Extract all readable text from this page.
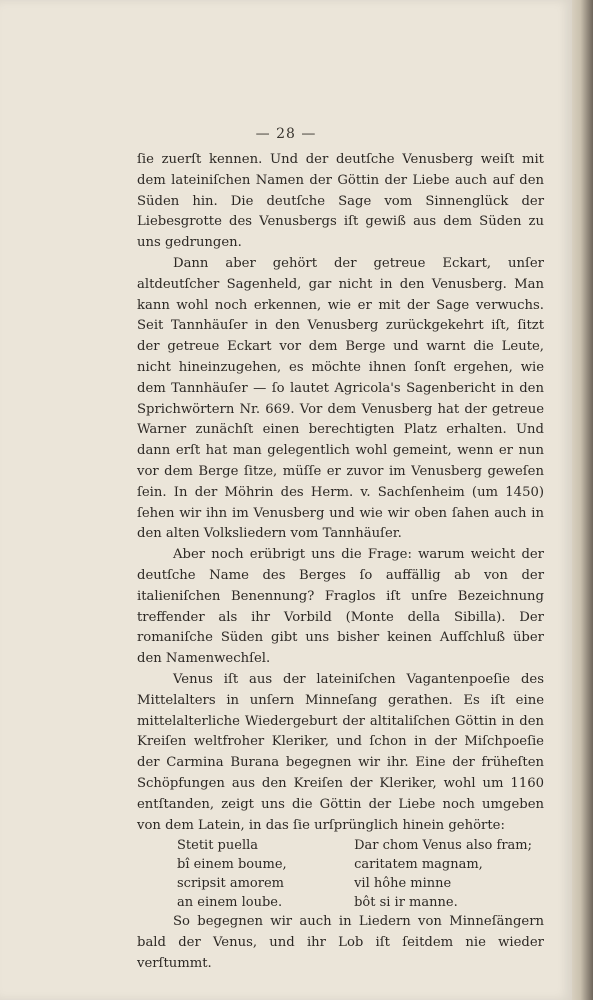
— 28 —

ſie zuerſt kennen. Und der deutſche Venusberg weiſt mit dem lateiniſchen Namen der Göttin der Liebe auch auf den Süden hin. Die deutſche Sage vom Sinnenglück der Liebesgrotte des Venusbergs iſt gewiß aus dem Süden zu uns gedrungen.

Dann aber gehört der getreue Eckart, unſer altdeutſcher Sagenheld, gar nicht in den Venusberg. Man kann wohl noch erkennen, wie er mit der Sage verwuchs. Seit Tannhäuſer in den Venusberg zurückgekehrt iſt, ſitzt der getreue Eckart vor dem Berge und warnt die Leute, nicht hineinzugehen, es möchte ihnen ſonſt ergehen, wie dem Tannhäuſer — ſo lautet Agricola's Sagenbericht in den Sprichwörtern Nr. 669. Vor dem Venusberg hat der getreue Warner zunächſt einen berechtigten Platz erhalten. Und dann erſt hat man gelegentlich wohl gemeint, wenn er nun vor dem Berge ſitze, müſſe er zuvor im Venusberg geweſen ſein. In der Möhrin des Herm. v. Sachſenheim (um 1450) ſehen wir ihn im Venusberg und wie wir oben ſahen auch in den alten Volksliedern vom Tannhäuſer.

Aber noch erübrigt uns die Frage: warum weicht der deutſche Name des Berges ſo auffällig ab von der italieniſchen Benennung? Fraglos iſt unſre Bezeichnung treffender als ihr Vorbild (Monte della Sibilla). Der romaniſche Süden gibt uns bisher keinen Aufſchluß über den Namenwechſel.

Venus iſt aus der lateiniſchen Vagantenpoeſie des Mittelalters in unſern Minneſang gerathen. Es iſt eine mittelalterliche Wiedergeburt der altitaliſchen Göttin in den Kreiſen weltfroher Kleriker, und ſchon in der Miſchpoeſie der Carmina Burana begegnen wir ihr. Eine der früheſten Schöpfungen aus den Kreiſen der Kleriker, wohl um 1160 entſtanden, zeigt uns die Göttin der Liebe noch umgeben von dem Latein, in das ſie urſprünglich hinein gehörte:

Stetit puella
bî einem boume,
scripsit amorem
an einem loube.
Dar chom Venus also fram;
caritatem magnam,
vil hôhe minne
bôt si ir manne.

So begegnen wir auch in Liedern von Minneſängern bald der Venus, und ihr Lob iſt ſeitdem nie wieder verſtummt.
